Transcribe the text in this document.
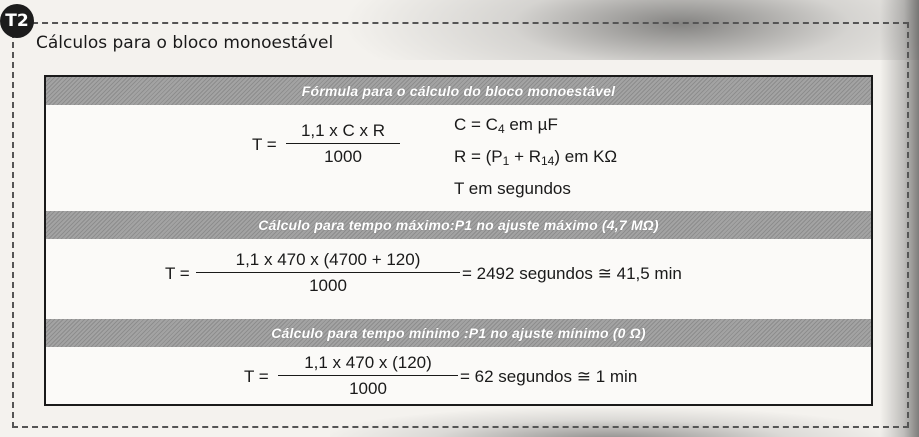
T2
Cálculos para o bloco monoestável
Fórmula para o cálculo do bloco monoestável
$T = \frac{\text{1,1 x C x R}}{1000}$	$C = C_4$ em µF
$R = (P_1 + R_{14})$ em KΩ
T em segundos
Cálculo para tempo máximo:P1 no ajuste máximo (4,7 MΩ)
$T = \frac{1,1 x 470 x (4700 + 120)}{1000} = 2492$ segundos ≅ 41,5 min
Cálculo para tempo mínimo :P1 no ajuste mínimo (0 Ω)
$T = \frac{1,1 x 470 x (120)}{1000} = 62$ segundos ≅ 1 min
